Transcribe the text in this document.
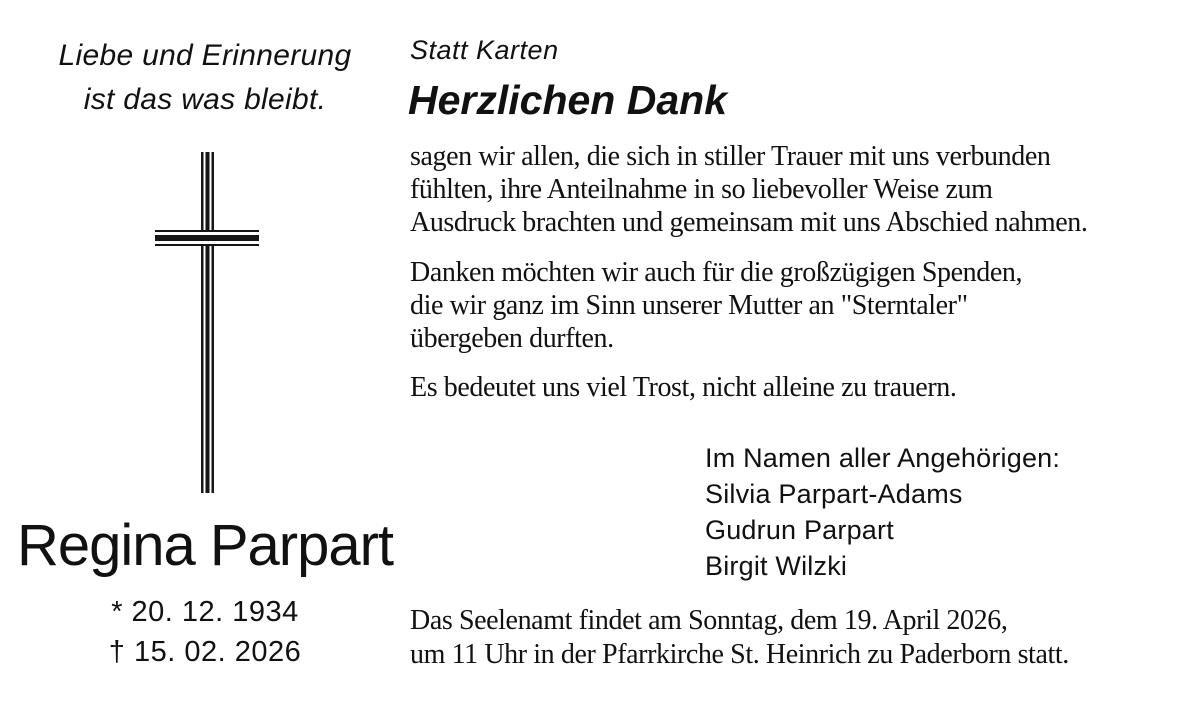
Liebe und Erinnerung
ist das was bleibt.
Regina Parpart
* 20. 12. 1934
† 15. 02. 2026
Statt Karten
Herzlichen Dank
sagen wir allen, die sich in stiller Trauer mit uns verbunden
fühlten, ihre Anteilnahme in so liebevoller Weise zum
Ausdruck brachten und gemeinsam mit uns Abschied nahmen.
Danken möchten wir auch für die großzügigen Spenden,
die wir ganz im Sinn unserer Mutter an "Sterntaler"
übergeben durften.
Es bedeutet uns viel Trost, nicht alleine zu trauern.
Im Namen aller Angehörigen:
Silvia Parpart-Adams
Gudrun Parpart
Birgit Wilzki
Das Seelenamt findet am Sonntag, dem 19. April 2026,
um 11 Uhr in der Pfarrkirche St. Heinrich zu Paderborn statt.
